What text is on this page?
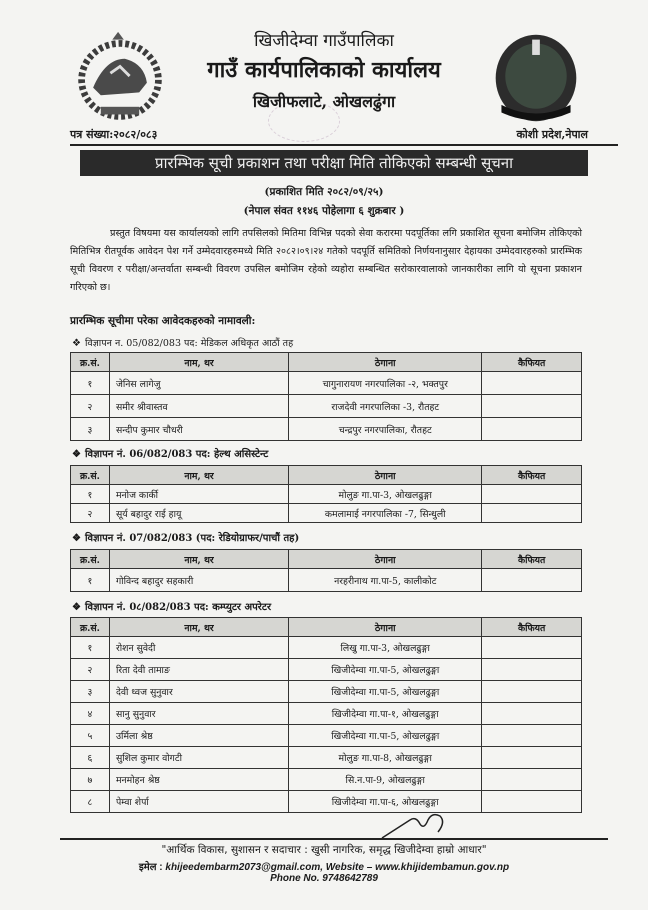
खिजीदेम्वा गाउँपालिका
गाउँ कार्यपालिकाको कार्यालय
खिजीफलाटे, ओखलढुंगा
पत्र संख्या:२०८२/०८३	कोशी प्रदेश,नेपाल
प्रारम्भिक सूची प्रकाशन तथा परीक्षा मिति तोकिएको सम्बन्धी सूचना
(प्रकाशित मिति २०८२/०९/२५)
(नेपाल संवत ११४६ पोहेलागा ६ शुक्रबार )
प्रस्तुत विषयमा यस कार्यालयको लागि तपसिलको मितिमा विभिन्न पदको सेवा करारमा पदपूर्तिका लगि प्रकाशित सूचना बमोजिम तोकिएको मितिभित्र रीतपूर्वक आवेदन पेश गर्ने उम्मेदवारहरुमध्ये मिति २०८२।०९।२४ गतेको पदपूर्ति समितिको निर्णयनानुसार देहायका उम्मेदवारहरुको प्रारम्भिक सूची विवरण र परीक्षा/अन्तर्वाता सम्बन्धी विवरण उपसिल बमोजिम रहेको व्यहोरा सम्बन्धित सरोकारवालाको जानकारीका लागि यो सूचना प्रकाशन गरिएको छ।
प्रारम्भिक सूचीमा परेका आवेदकहरुको नामावली:
❖ विज्ञापन न. 05/082/083 पद: मेडिकल अधिकृत आठौं तह
❖ विज्ञापन नं. 06/082/083 पद: हेल्थ असिस्टेन्ट
❖ विज्ञापन नं. 07/082/083 (पद: रेडियोग्राफर/पाचौं तह)
❖ विज्ञापन नं. 0८/082/083 पद: कम्प्युटर अपरेटर
क्र.सं.	नाम, थर	ठेगाना	कैफियत
१	जेनिस लागेजु	चागुनारायण नगरपालिका -२, भक्तपुर	
२	समीर श्रीवास्तव	राजदेवी नगरपालिका -3, रौतहट	
३	सन्दीप कुमार चौधरी	चन्द्रपुर नगरपालिका, रौतहट	
क्र.सं.	नाम, थर	ठेगाना	कैफियत
१	मनोज कार्की	मोलुङ गा.पा-3, ओखलढुङ्गा	
२	सूर्य बहादुर राई हायू	कमलामाई नगरपालिका -7, सिन्धुली	
क्र.सं.	नाम, थर	ठेगाना	कैफियत
१	गोविन्द बहादुर सहकारी	नरहरीनाथ गा.पा-5, कालीकोट	
क्र.सं.	नाम, थर	ठेगाना	कैफियत
१	रोशन सुवेदी	लिखु गा.पा-3, ओखलढुङ्गा	
२	रिता देवी तामाङ	खिजीदेम्वा गा.पा-5, ओखलढुङ्गा	
३	देवी ध्वज सुनुवार	खिजीदेम्वा गा.पा-5, ओखलढुङ्गा	
४	सानु सुनुवार	खिजीदेम्वा गा.पा-१, ओखलढुङ्गा	
५	उर्मिला श्रेष्ठ	खिजीदेम्वा गा.पा-5, ओखलढुङ्गा	
६	सुशिल कुमार वोगटी	मोलुङ गा.पा-8, ओखलढुङ्गा	
७	मनमोहन श्रेष्ठ	सि.न.पा-9, ओखलढुङ्गा	
८	पेम्वा शेर्पा	खिजीदेम्वा गा.पा-६, ओखलढुङ्गा	
"आर्थिक विकास, सुशासन र सदाचार : खुसी नागरिक, समृद्ध खिजीदेम्वा हाम्रो आधार"
इमेल : khijeedembarm2073@gmail.com, Website – www.khijidembamun.gov.np
Phone No. 9748642789
